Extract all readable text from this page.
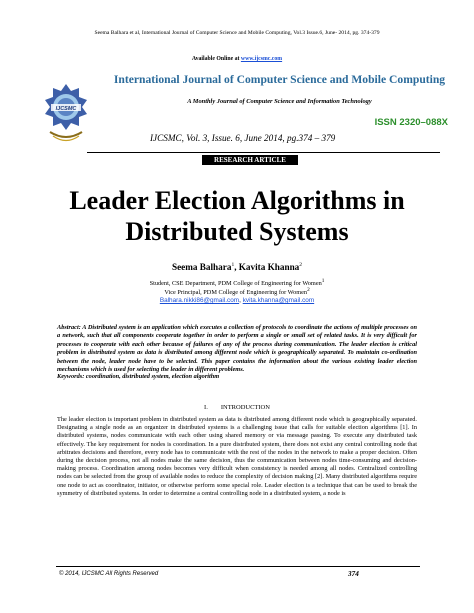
Seema Balhara et al, International Journal of Computer Science and Mobile Computing, Vol.3 Issue.6, June- 2014, pg. 374-379
Available Online at www.ijcsmc.com
IJCSMC
International Journal of Computer Science and Mobile Computing
A Monthly Journal of Computer Science and Information Technology
ISSN 2320–088X
IJCSMC, Vol. 3, Issue. 6, June 2014, pg.374 – 379
RESEARCH ARTICLE
Leader Election Algorithms in
Distributed Systems
Seema Balhara$^1$, Kavita Khanna$^2$
Student, CSE Department, PDM College of Engineering for Women$^1$
Vice Principal, PDM College of Engineering for Women$^2$
Balhara.nikki86@gmail.com, kvita.khanna@gmail.com
Abstract: A Distributed system is an application which executes a collection of protocols to coordinate the actions of multiple processes on a network, such that all components cooperate together in order to perform a single or small set of related tasks. It is very difficult for processes to cooperate with each other because of failures of any of the process during communication. The leader election is critical problem in distributed system as data is distributed among different node which is geographically separated. To maintain co-ordination between the node, leader node have to be selected. This paper contains the information about the various existing leader election mechanisms which is used for selecting the leader in different problems.
Keywords: coordination, distributed system, election algorithm
I. INTRODUCTION
The leader election is important problem in distributed system as data is distributed among different node which is geographically separated. Designating a single node as an organizer in distributed systems is a challenging issue that calls for suitable election algorithms [1]. In distributed systems, nodes communicate with each other using shared memory or via message passing. To execute any distributed task effectively. The key requirement for nodes is coordination. In a pure distributed system, there does not exist any central controlling node that arbitrates decisions and therefore, every node has to communicate with the rest of the nodes in the network to make a proper decision. Often during the decision process, not all nodes make the same decision, thus the communication between nodes time-consuming and decision-making process. Coordination among nodes becomes very difficult when consistency is needed among all nodes. Centralized controlling nodes can be selected from the group of available nodes to reduce the complexity of decision making [2]. Many distributed algorithms require one node to act as coordinator, initiator, or otherwise perform some special role. Leader election is a technique that can be used to break the symmetry of distributed systems. In order to determine a central controlling node in a distributed system, a node is
© 2014, IJCSMC All Rights Reserved	374
